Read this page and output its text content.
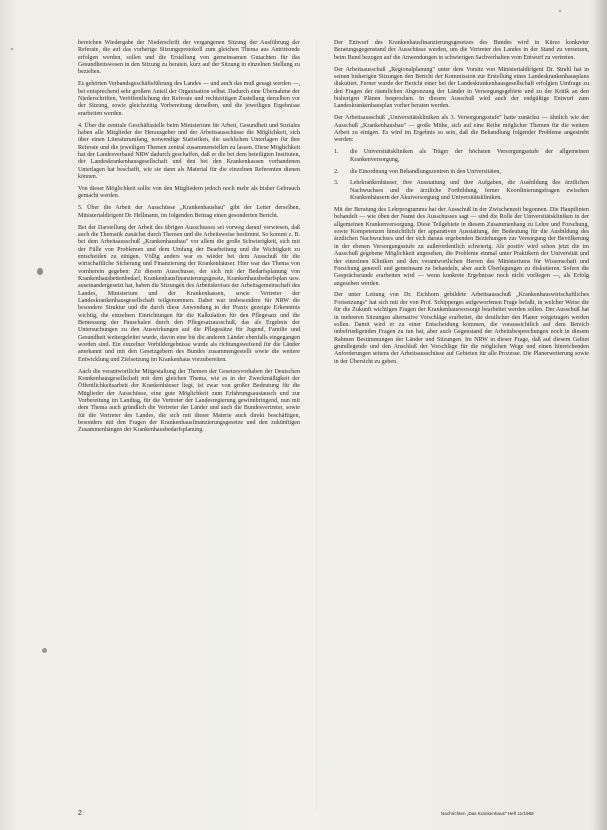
bereichen Wiedergabe der Niederschrift der vergangenen Sitzung der Ausführung der Referate, die auf das vorherige Sitzungsprotokoll zum gleichen Thema aus Antrittsrede erfolgen werden, sollen und die Erstellung von gemeinsamen Gutachten für das Gesundheitswesen in den Sitzung zu beraten, kurz auf der Sitzung in einzelnen Stellung zu beziehen.

Es gehörten Verbandsgeschäftsführung des Landes — und auch das muß gesagt werden —, bei entsprechend sehr großem Anteil der Organisation selbst. Dadurch eine Übernahme der Niederschriften, Veröffentlichung der Referate und rechtzeitigen Zustellung derselben vor der Sitzung, sowie gleichzeitig Vorbereitung derselben, und die jeweiligen Ergebnisse erarbeiten werden.

4. Über die zentrale Geschäftsstelle beim Ministerium für Arbeit, Gesundheit und Soziales haben alle Mitglieder der Herausgeber und der Arbeitsausschüsse die Möglichkeit, sich über einen Literaturumfang, notwendige Statistiken, die sachlichen Unterlagen für ihre Referate und die jeweiligen Themen zentral zusammenstellen zu lassen. Diese Möglichkeit hat der Landesverband NRW dadurch geschaffen, daß er die bei dem beteiligten Instituten, der Landeskrankenhausgesellschaft und den bei den Krankenkassen vorhandenen Unterlagen hat beschafft, wie sie dann als Material für die einzelnen Referenten dienen können.

Von dieser Möglichkeit sollte von den Mitgliedern jedoch noch mehr als bisher Gebrauch gemacht werden.

5. Über die Arbeit der Ausschüsse „Krankenhausbau" gibt der Leiter derselben, Ministerialdirigent Dr. Hellmann, im folgenden Beitrag einen gesonderten Bericht.

Bei der Darstellung der Arbeit des übrigen Ausschusses sei vorweg darauf verwiesen, daß auch die Thematik zunächst durch Themen und die Arbeitsweise bestimmt. So kommt z. B. bei dem Arbeitsausschuß „Krankenhausbau" vor allem die große Schwierigkeit, sich mit der Fülle von Problemen und dem Umfang der Bearbeitung und die Wichtigkeit zu entscheiden zu einigen. Völlig anders war es wieder bei dem Ausschuß für die wirtschaftliche Sicherung und Finanzierung der Krankenhäuser. Hier war das Thema von vornherein gegeben: Zu diesem Ausschusse, der sich mit der Bedarfsplanung von Krankenhausbettenbedarf, Krankenhausfinanzierungsgesetz, Krankenhausbedarfsplan usw. auseinandergesetzt hat, haben die Sitzungen des Arbeitskreises der Arbeitsgemeinschaft des Landes, Ministerium und der Krankenkassen, sowie Vertreter der Landeskrankenhausgesellschaft teilgenommen. Dabei war insbesondere für NRW die besondere Struktur und die durch diese Anwendung in der Praxis gezeigte Erkenntnis wichtig, die einzelnen Einrichtungen für die Kalkulation für den Pflegesatz und die Bemessung der Pauschalen durch den Pflegesatzausschuß, das als Ergebnis der Untersuchungen zu den Auswirkungen auf die Pflegesätze für Jugend, Familie und Gesundheit weitergeleitet wurde, davon eine bis die anderen Länder ebenfalls eingegangen worden sind. Ein einzelner Vorbildergebnisse wurde als richtungsweisend für die Länder anerkannt und mit den Gesetzgebern des Bundes zusammengestellt sowie die weitere Entwicklung und Zielsetzung im Krankenhaus vorzubereiten.

Auch die verantwortliche Mitgestaltung der Themen der Gesetzesvorhaben der Deutschen Krankenhausgesellschaft mit dem gleichen Thema, wie es in der Zweckmäßigkeit der Öffentlichkeitsarbeit der Krankenhäuser liegt, ist zwar von großer Bedeutung für die Mitglieder der Ausschüsse, eine gute Möglichkeit zum Erfahrungsaustausch und zur Vorbereitung im Landtag, für die Vertreter der Landesregierung gewinnbringend, nun mit dem Thema auch gründlich die Vertreter der Länder und auch die Bundesvertreter, sowie für die Vertreter des Landes, die sich mit dieser Materie auch direkt beschäftigen, besonders mit den Fragen der Krankenhausfinanzierungsgesetze und den zukünftigen Zusammenhängen der Krankenhausbedarfsplanung.

Der Entwurf des Krankenhausfinanzierungsgesetzes des Bundes wird in Kürze konkreter Beratungsgegenstand der Ausschüsse werden, um die Vertreter des Landes in der Stand zu versetzen, beim Bund bezogen auf die Anwendungen in schwierigen Sachverhalten vom Entwurf zu vertreten.

Der Arbeitsausschuß „Regionalplanung" unter dem Vorsitz von Ministerialdirigent Dr. Strahl hat in seinen bisherigen Sitzungen den Bericht der Kommission zur Erstellung eines Landeskrankenhausplans diskutiert. Ferner wurde der Bericht einer bei der Landeskrankenhausgesellschaft erfolgten Umfrage zu den Fragen der räumlichen Abgrenzung der Länder in Versorgungsgebiete und zu der Kritik an den bisherigen Plänen besprochen. In diesem Ausschuß wird auch der endgültige Entwurf zum Landeskrankenhausplan vorher beraten werden.

Der Arbeitsausschuß „Universitätskliniken als 3. Versorgungsstufe" hatte zunächst — ähnlich wie der Ausschuß „Krankenhausbau" — große Mühe, sich auf eine Reihe möglicher Themen für die weitere Arbeit zu einigen. Es wird im Ergebnis so sein, daß die Behandlung folgender Probleme angestrebt werden:

1.	die Universitätskliniken als Träger der höchsten Versorgungsstufe der allgemeinen Krankenversorgung,
2.	die Einordnung von Behandlungszentren in den Universitäten,
3.	Lehrkrankenhäuser, ihre Ausstattung und ihre Aufgaben, die Ausbildung des ärztlichen Nachwuchses und die ärztliche Fortbildung, ferner Koordinierungsfragen zwischen Krankenhäusern der Akutversorgung und Universitätskliniken.

Mit der Beratung des Lehrprogramms hat der Ausschuß in der Zwischenzeit begonnen. Die Hauptlinien behandelt — wie oben der Name des Ausschusses sagt — sind die Rolle der Universitätskliniken in der allgemeinen Krankenversorgung. Diese Teilgebiete in diesem Zusammenhang zu Lehre und Forschung, sowie Kompetenzen hinsichtlich der apparativen Ausstattung, der Bedeutung für die Ausbildung des ärztlichen Nachwuchses und der sich daraus ergebenden Beziehungen zur Versorgung der Bevölkerung in der ebenen Versorgungsstufe zu außerordentlich schwierig. Als positiv wird schon jetzt die im Ausschuß gegebene Möglichkeit angesehen, die Probleme einmal unter Praktikern der Universität und der einzelnen Kliniken und den verantwortlichen Herren des Ministeriums für Wissenschaft und Forschung generell und gemeinsam zu behandeln, aber auch Überlegungen zu diskutieren. Sofern die Gesprächsrunde erarbeiten wird — wenn konkrete Ergebnisse noch nicht vorliegen —, als Erfolg angesehen werden.

Der unter Leitung von Dr. Eichhorn gebildete Arbeitsausschuß „Krankenhauswirtschaftliches Fortsetzungs" hat sich mit der von Prof. Schipperges aufgeworfenen Frage befaßt, in welcher Weise die für die Zukunft wichtigen Fragen der Krankenhausvorsorge bearbeitet werden sollen. Der Ausschuß hat in mehreren Sitzungen alternative Vorschläge erarbeitet, die deutlicher den Planer vorgetragen werden sollen. Damit wird er zu einer Entscheidung kommen, die voraussichtlich auf dem Bereich unbefriedigenden Fragen zu tun hat, aber auch Gegenstand der Arbeitsbesprechungen noch in diesem Rahmen Bestimmungen der Länder und Sitzungen. Im NRW in dieser Frage, daß auf diesem Gebiet grundlegende und den Anschluß der Vorschläge für die möglichen Wege und einen hinreichenden Anforderungen seitens der Arbeitsausschüsse auf Gebieten für alle Prozesse. Die Planerweiterung sowie in der Übersicht zu geben.

2	Nachrichten „Das Krankenhaus" Heft 11/1969
